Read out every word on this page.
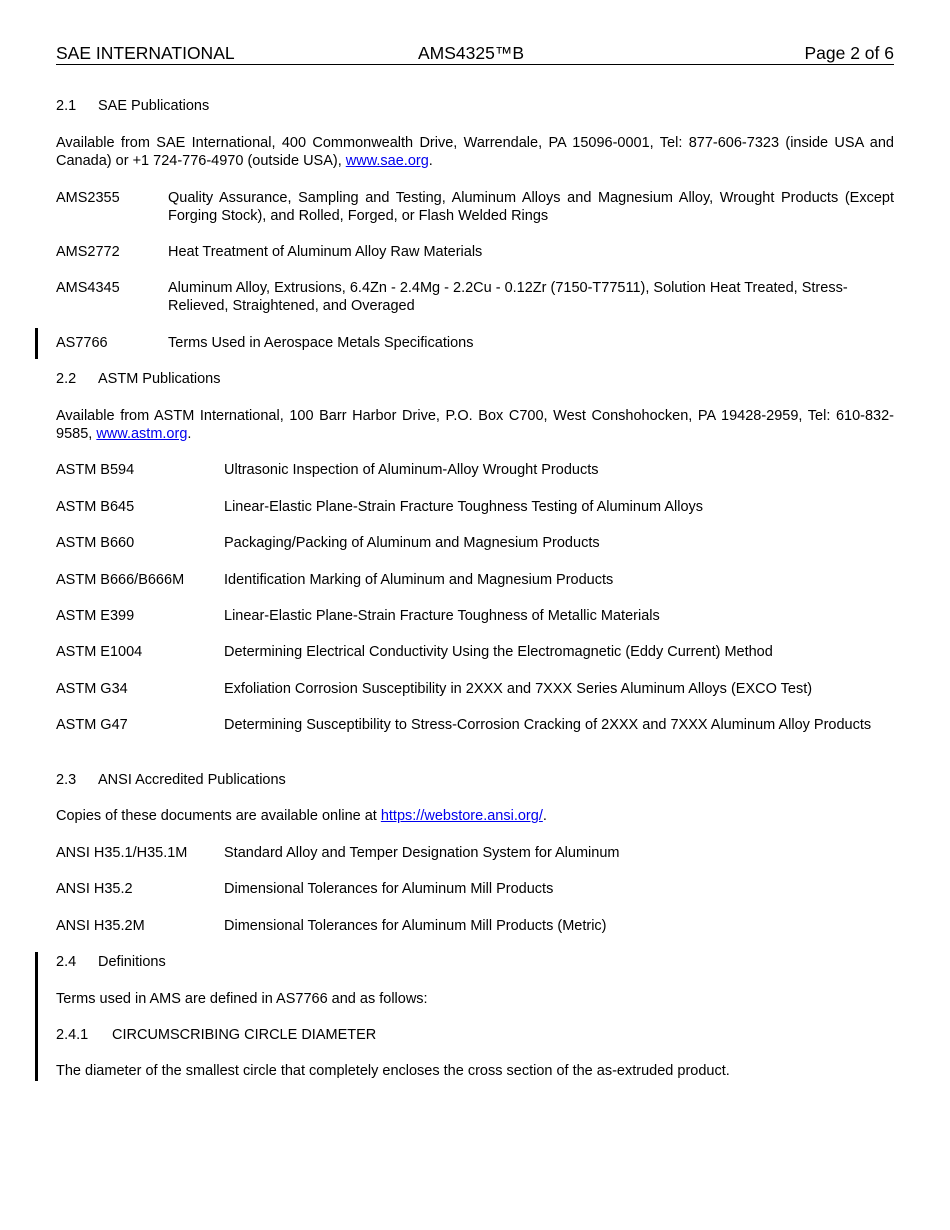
SAE INTERNATIONAL	AMS4325™B	Page 2 of 6
2.1 SAE Publications
Available from SAE International, 400 Commonwealth Drive, Warrendale, PA 15096-0001, Tel: 877-606-7323 (inside USA and Canada) or +1 724-776-4970 (outside USA), www.sae.org.
AMS2355	Quality Assurance, Sampling and Testing, Aluminum Alloys and Magnesium Alloy, Wrought Products (Except Forging Stock), and Rolled, Forged, or Flash Welded Rings
AMS2772	Heat Treatment of Aluminum Alloy Raw Materials
AMS4345	Aluminum Alloy, Extrusions, 6.4Zn - 2.4Mg - 2.2Cu - 0.12Zr (7150-T77511), Solution Heat Treated, Stress-Relieved, Straightened, and Overaged
AS7766	Terms Used in Aerospace Metals Specifications
2.2 ASTM Publications
Available from ASTM International, 100 Barr Harbor Drive, P.O. Box C700, West Conshohocken, PA 19428-2959, Tel: 610-832-9585, www.astm.org.
ASTM B594	Ultrasonic Inspection of Aluminum-Alloy Wrought Products
ASTM B645	Linear-Elastic Plane-Strain Fracture Toughness Testing of Aluminum Alloys
ASTM B660	Packaging/Packing of Aluminum and Magnesium Products
ASTM B666/B666M	Identification Marking of Aluminum and Magnesium Products
ASTM E399	Linear-Elastic Plane-Strain Fracture Toughness of Metallic Materials
ASTM E1004	Determining Electrical Conductivity Using the Electromagnetic (Eddy Current) Method
ASTM G34	Exfoliation Corrosion Susceptibility in 2XXX and 7XXX Series Aluminum Alloys (EXCO Test)
ASTM G47	Determining Susceptibility to Stress-Corrosion Cracking of 2XXX and 7XXX Aluminum Alloy Products
2.3 ANSI Accredited Publications
Copies of these documents are available online at https://webstore.ansi.org/.
ANSI H35.1/H35.1M	Standard Alloy and Temper Designation System for Aluminum
ANSI H35.2	Dimensional Tolerances for Aluminum Mill Products
ANSI H35.2M	Dimensional Tolerances for Aluminum Mill Products (Metric)
2.4 Definitions
Terms used in AMS are defined in AS7766 and as follows:
2.4.1 CIRCUMSCRIBING CIRCLE DIAMETER
The diameter of the smallest circle that completely encloses the cross section of the as-extruded product.
